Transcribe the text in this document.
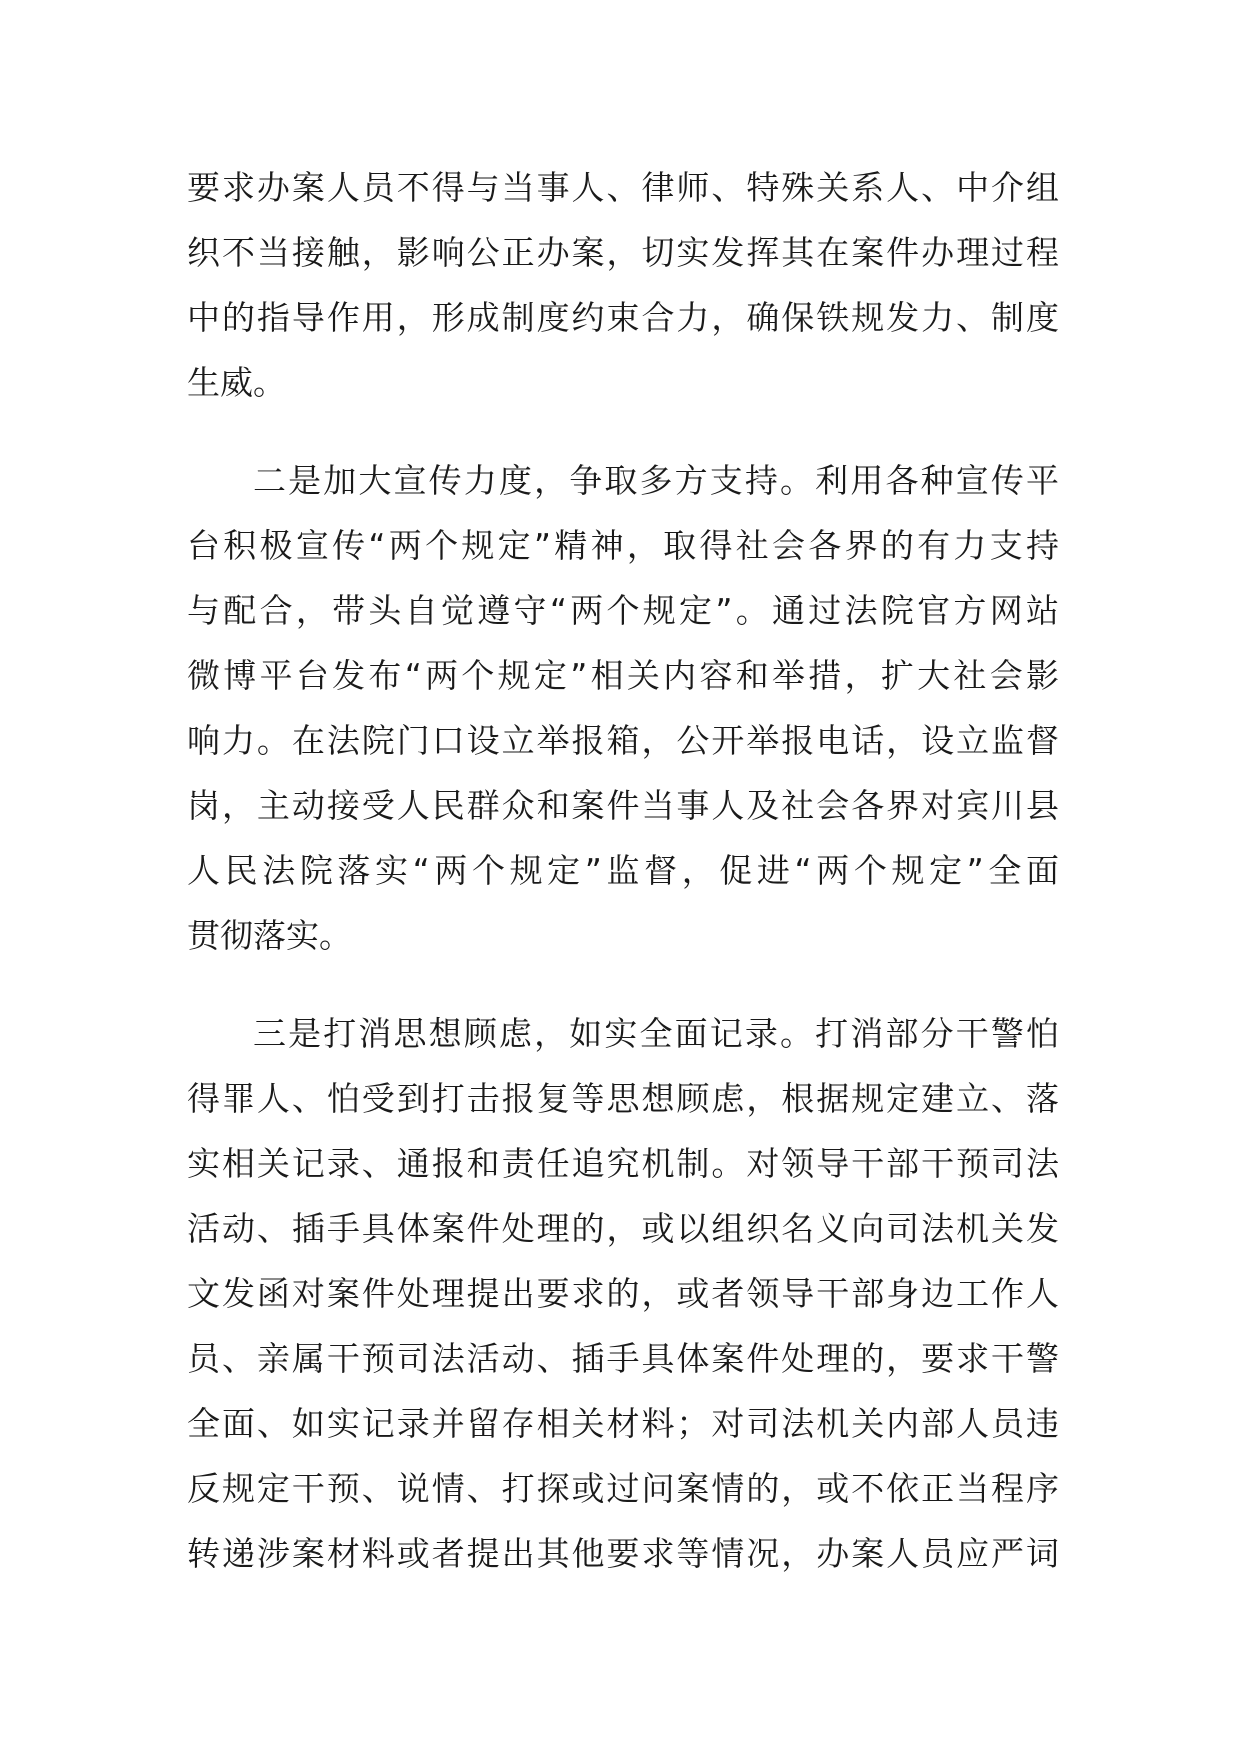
要求办案人员不得与当事人、律师、特殊关系人、中介组
织不当接触，影响公正办案，切实发挥其在案件办理过程
中的指导作用，形成制度约束合力，确保铁规发力、制度
生威。
二是加大宣传力度，争取多方支持。利用各种宣传平
台积极宣传“两个规定”精神，取得社会各界的有力支持
与配合，带头自觉遵守“两个规定”。通过法院官方网站
微博平台发布“两个规定”相关内容和举措，扩大社会影
响力。在法院门口设立举报箱，公开举报电话，设立监督
岗，主动接受人民群众和案件当事人及社会各界对宾川县
人民法院落实“两个规定”监督，促进“两个规定”全面
贯彻落实。
三是打消思想顾虑，如实全面记录。打消部分干警怕
得罪人、怕受到打击报复等思想顾虑，根据规定建立、落
实相关记录、通报和责任追究机制。对领导干部干预司法
活动、插手具体案件处理的，或以组织名义向司法机关发
文发函对案件处理提出要求的，或者领导干部身边工作人
员、亲属干预司法活动、插手具体案件处理的，要求干警
全面、如实记录并留存相关材料；对司法机关内部人员违
反规定干预、说情、打探或过问案情的，或不依正当程序
转递涉案材料或者提出其他要求等情况，办案人员应严词
